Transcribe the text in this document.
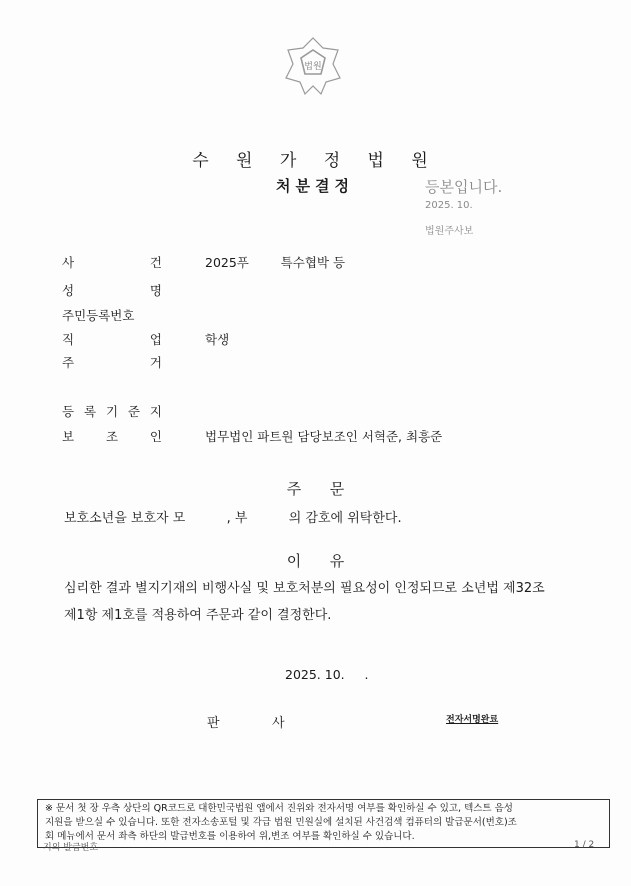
법원
수 원 가 정 법 원
처분결정	등본입니다.
2025. 10.
법원주사보
사	건	2025푸        특수협박 등
성	명
주민등록번호
직	업	학생
주	거
등 록 기 준 지
보	조	인	법무법인 파트원 담당보조인 서혁준, 최흥준
주      문
보호소년을 보호자 모          , 부          의 감호에 위탁한다.
이      유
심리한 결과 별지기재의 비행사실 및 보호처분의 필요성이 인정되므로 소년법 제32조
제1항 제1호를 적용하여 주문과 같이 결정한다.
2025. 10.     .
판	사	전자서명완료
※ 문서 첫 장 우측 상단의 QR코드로 대한민국법원 앱에서 진위와 전자서명 여부를 확인하실 수 있고, 텍스트 음성
지원을 받으실 수 있습니다. 또한 전자소송포털 및 각급 법원 민원실에 설치된 사건검색 컴퓨터의 발급문서(번호)조
회 메뉴에서 문서 좌측 하단의 발급번호를 이용하여 위,변조 여부를 확인하실 수 있습니다.
지의 발급번호	1 / 2
